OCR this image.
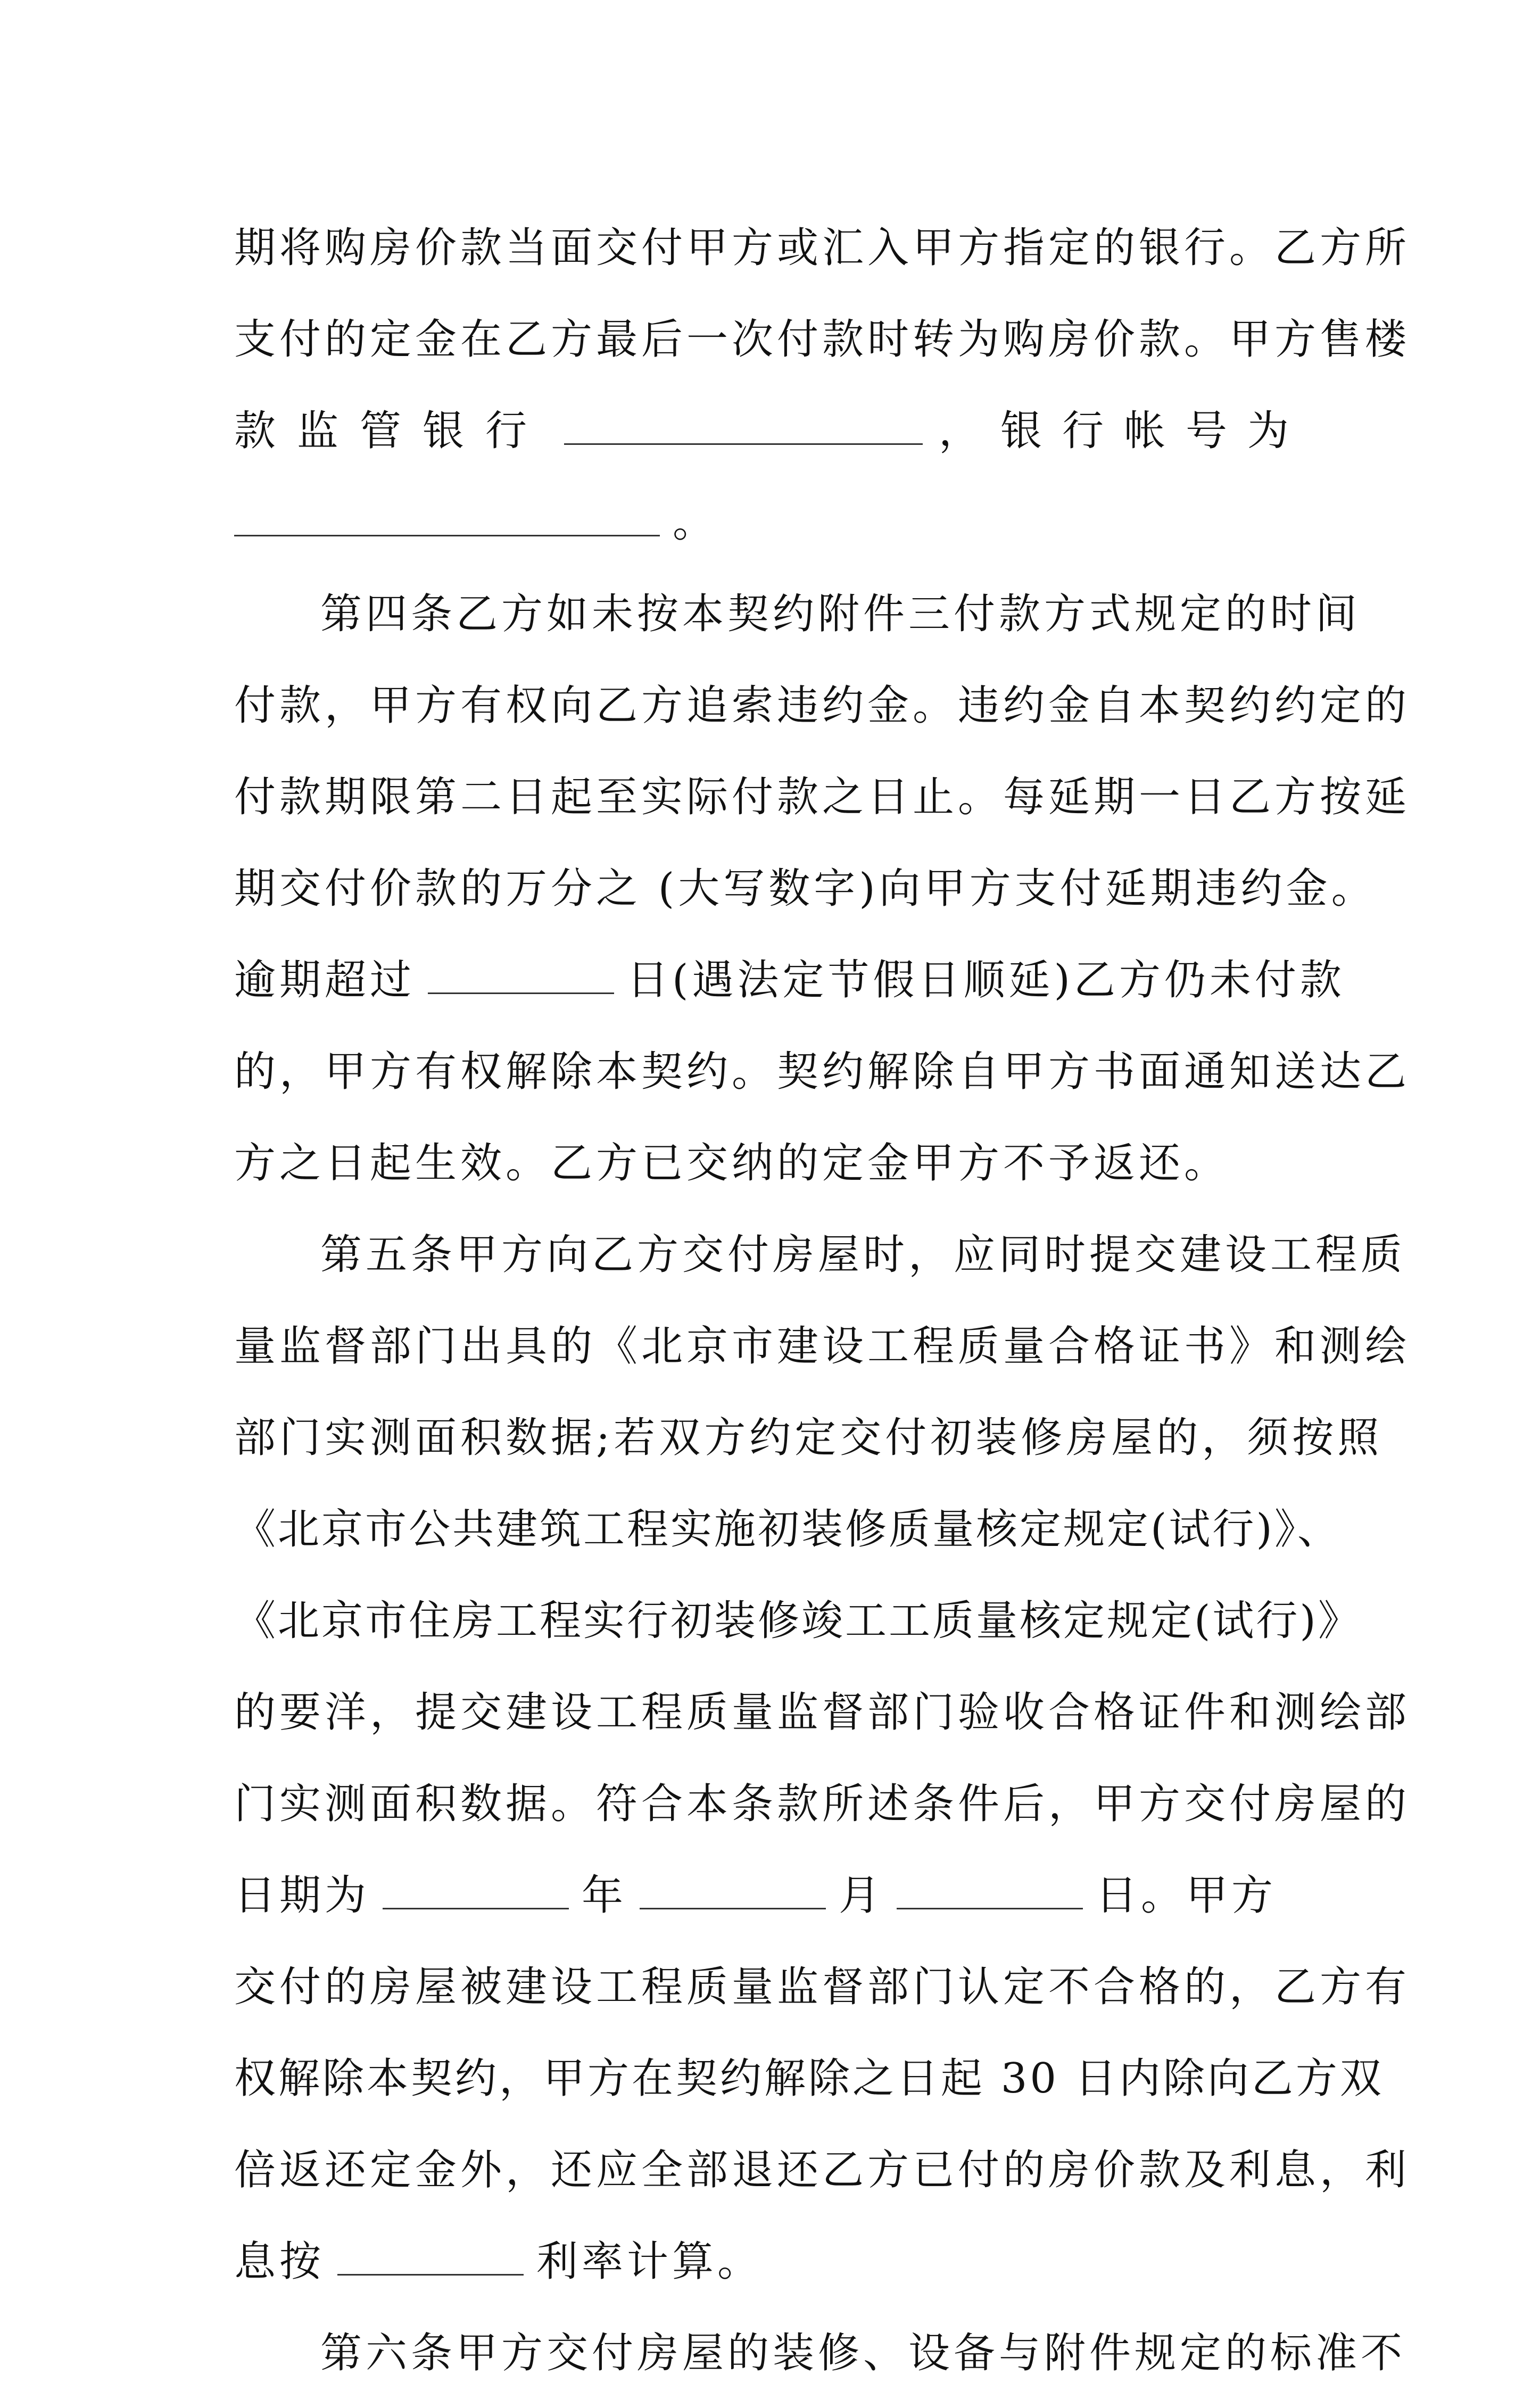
期将购房价款当面交付甲方或汇入甲方指定的银行。乙方所
支付的定金在乙方最后一次付款时转为购房价款。甲方售楼
款监管银行	，银行帐号为
。
第四条乙方如未按本契约附件三付款方式规定的时间
付款，甲方有权向乙方追索违约金。违约金自本契约约定的
付款期限第二日起至实际付款之日止。每延期一日乙方按延
期交付价款的万分之 (大写数字)向甲方支付延期违约金。
逾期超过	日(遇法定节假日顺延)乙方仍未付款
的，甲方有权解除本契约。契约解除自甲方书面通知送达乙
方之日起生效。乙方已交纳的定金甲方不予返还。
第五条甲方向乙方交付房屋时，应同时提交建设工程质
量监督部门出具的《北京市建设工程质量合格证书》和测绘
部门实测面积数据;若双方约定交付初装修房屋的，须按照
《北京市公共建筑工程实施初装修质量核定规定(试行)》、
《北京市住房工程实行初装修竣工工质量核定规定(试行)》
的要洋，提交建设工程质量监督部门验收合格证件和测绘部
门实测面积数据。符合本条款所述条件后，甲方交付房屋的
日期为	年	月	日。甲方
交付的房屋被建设工程质量监督部门认定不合格的，乙方有
权解除本契约，甲方在契约解除之日起 30 日内除向乙方双
倍返还定金外，还应全部退还乙方已付的房价款及利息，利
息按	利率计算。
第六条甲方交付房屋的装修、设备与附件规定的标准不
